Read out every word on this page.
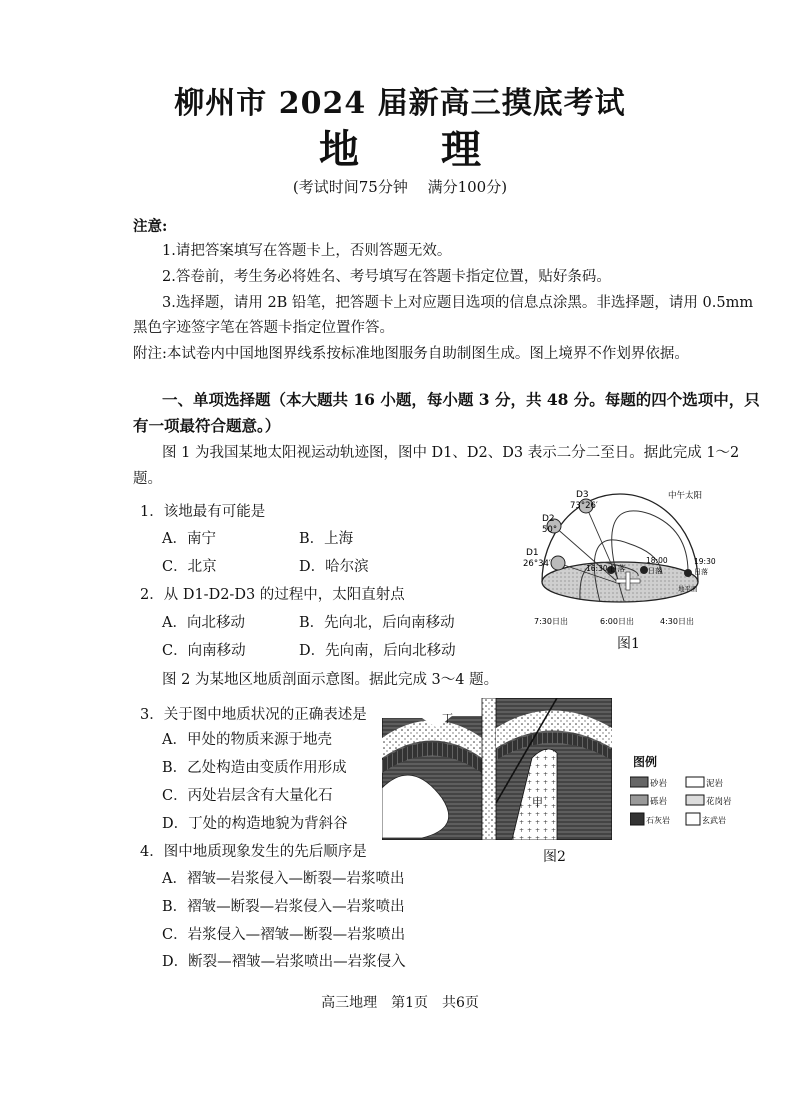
柳州市 2024 届新高三摸底考试
地 理
(考试时间75分钟　 满分100分)
注意:
1.请把答案填写在答题卡上，否则答题无效。
2.答卷前，考生务必将姓名、考号填写在答题卡指定位置，贴好条码。
3.选择题，请用 2B 铅笔，把答题卡上对应题目选项的信息点涂黑。非选择题，请用 0.5mm
黑色字迹签字笔在答题卡指定位置作答。
附注:本试卷内中国地图界线系按标准地图服务自助制图生成。图上境界不作划界依据。
一、单项选择题（本大题共 16 小题，每小题 3 分，共 48 分。每题的四个选项中，只
有一项最符合题意。）
图 1 为我国某地太阳视运动轨迹图，图中 D1、D2、D3 表示二分二至日。据此完成 1～2
题。
1．该地最有可能是
A．南宁	B．上海
C．北京	D．哈尔滨
2．从 D1-D2-D3 的过程中，太阳直射点
A．向北移动	B．先向北，后向南移动
C．向南移动	D．先向南，后向北移动
图 2 为某地区地质剖面示意图。据此完成 3～4 题。
3．关于图中地质状况的正确表述是
A．甲处的物质来源于地壳
B．乙处构造由变质作用形成
C．丙处岩层含有大量化石
D．丁处的构造地貌为背斜谷
4．图中地质现象发生的先后顺序是
A．褶皱—岩浆侵入—断裂—岩浆喷出
B．褶皱—断裂—岩浆侵入—岩浆喷出
C．岩浆侵入—褶皱—断裂—岩浆喷出
D．断裂—褶皱—岩浆喷出—岩浆侵入
D3
73°26′
D2
50°
D1
26°34′
中午太阳
16:30 日落
18:00
日落
19:30
日落
地平面
7:30日出	6:00日出	4:30日出
图1
丁
甲
图2
图例
砂岩	泥岩
砾岩	花岗岩
石灰岩	玄武岩
高三地理　第1页　共6页
